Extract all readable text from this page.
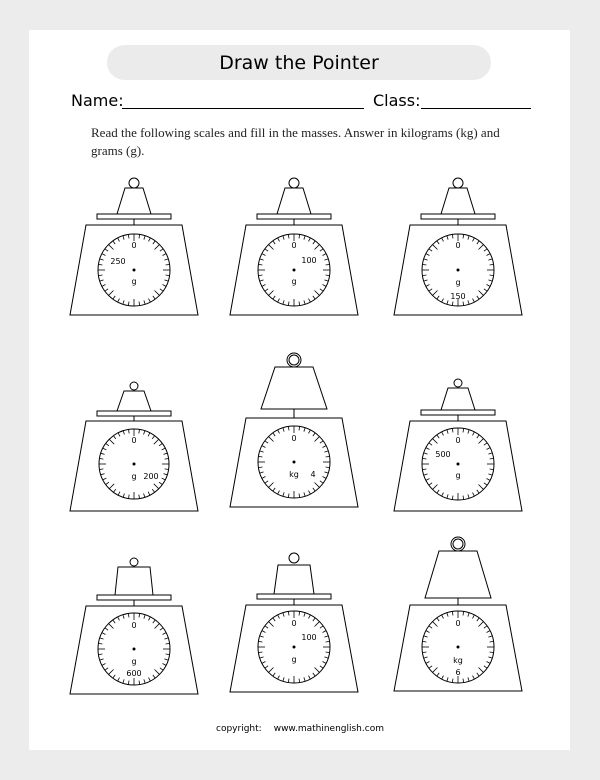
Draw the Pointer
Name:	Class:
Read the following scales and fill in the masses. Answer in kilograms (kg) and grams (g).
0
250
g
0
100
g
0
150
g
0
200
g
0
4
kg
0
500
g
0
600
g
0
100
g
0
6
kg
copyright: www.mathinenglish.com
